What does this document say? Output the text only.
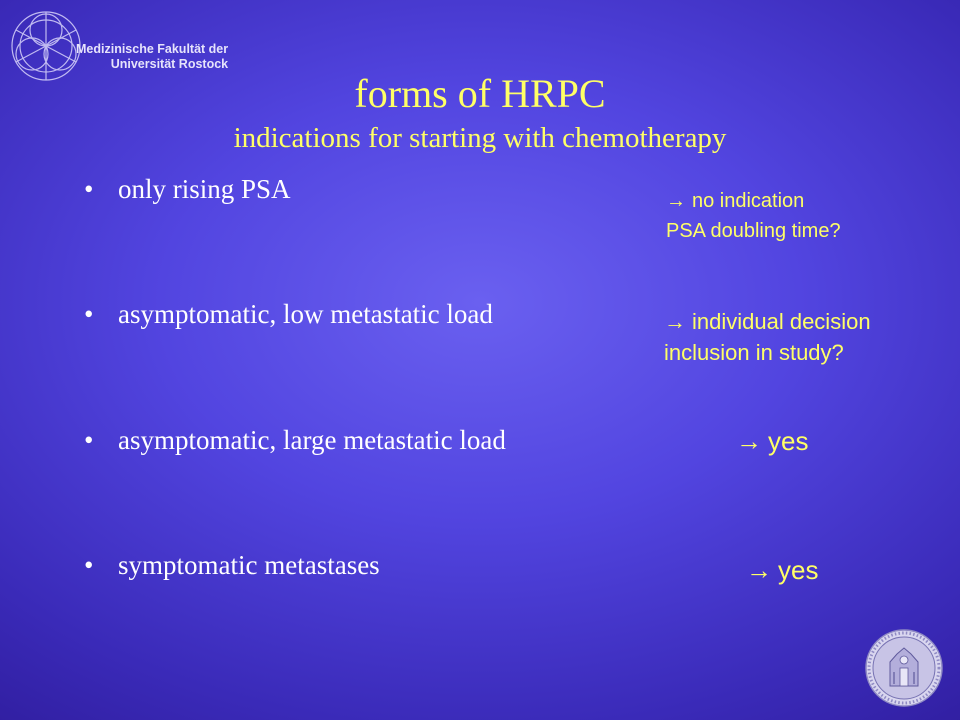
Medizinische Fakultät der
Universität Rostock
forms of HRPC
indications for starting with chemotherapy
• only rising PSA
• asymptomatic, low metastatic load
• asymptomatic, large metastatic load
• symptomatic metastases
→ no indication
PSA doubling time?
→ individual decision
inclusion in study?
→ yes
→ yes
